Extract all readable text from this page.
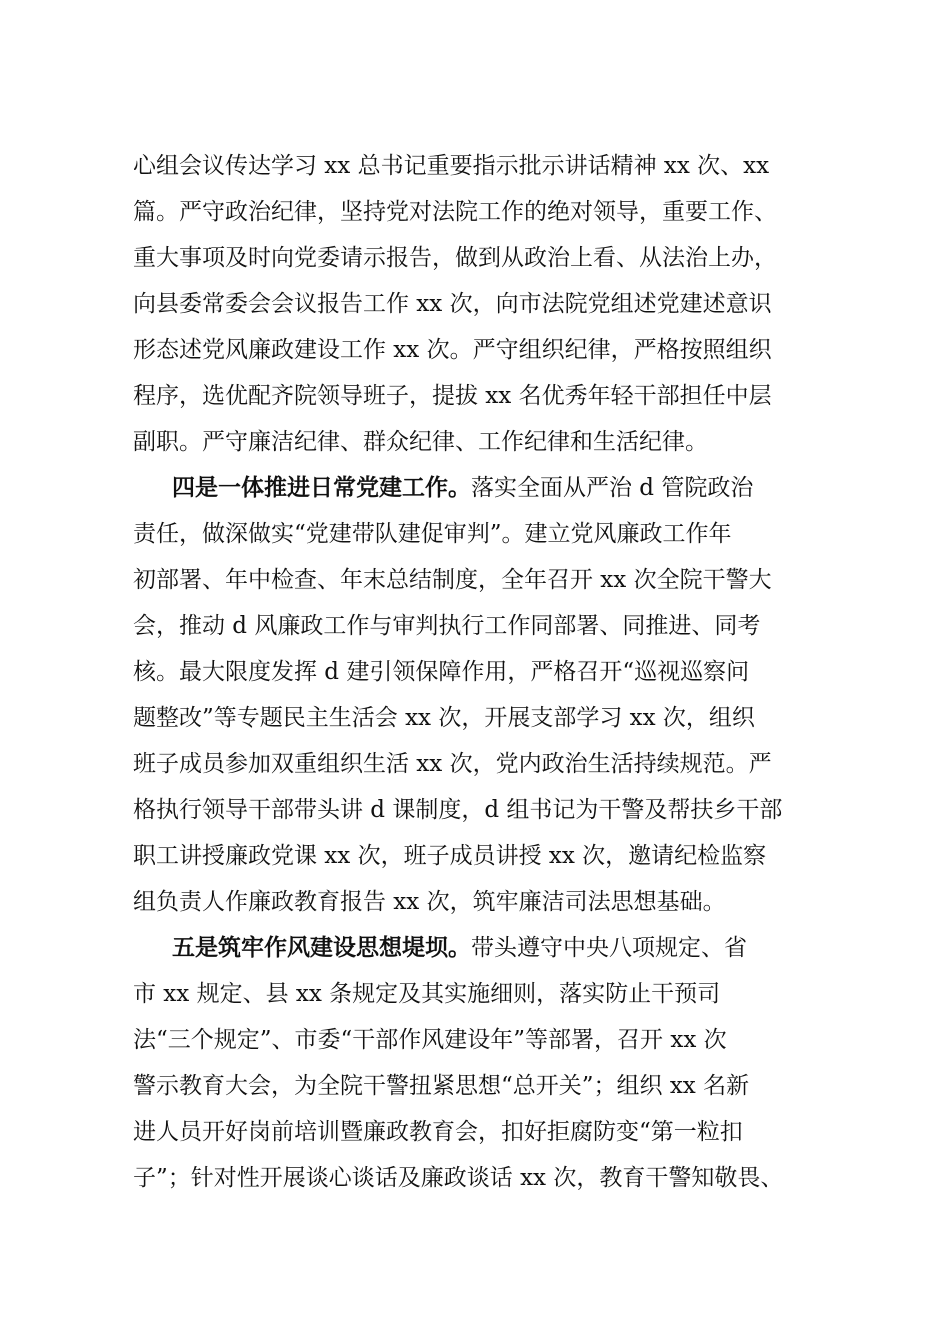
心组会议传达学习 xx 总书记重要指示批示讲话精神 xx 次、xx
篇。严守政治纪律，坚持党对法院工作的绝对领导，重要工作、
重大事项及时向党委请示报告，做到从政治上看、从法治上办，
向县委常委会会议报告工作 xx 次，向市法院党组述党建述意识
形态述党风廉政建设工作 xx 次。严守组织纪律，严格按照组织
程序，选优配齐院领导班子，提拔 xx 名优秀年轻干部担任中层
副职。严守廉洁纪律、群众纪律、工作纪律和生活纪律。
四是一体推进日常党建工作。落实全面从严治 d 管院政治
责任，做深做实“党建带队建促审判”。建立党风廉政工作年
初部署、年中检查、年末总结制度，全年召开 xx 次全院干警大
会，推动 d 风廉政工作与审判执行工作同部署、同推进、同考
核。最大限度发挥 d 建引领保障作用，严格召开“巡视巡察问
题整改”等专题民主生活会 xx 次，开展支部学习 xx 次，组织
班子成员参加双重组织生活 xx 次，党内政治生活持续规范。严
格执行领导干部带头讲 d 课制度，d 组书记为干警及帮扶乡干部
职工讲授廉政党课 xx 次，班子成员讲授 xx 次，邀请纪检监察
组负责人作廉政教育报告 xx 次，筑牢廉洁司法思想基础。
五是筑牢作风建设思想堤坝。带头遵守中央八项规定、省
市 xx 规定、县 xx 条规定及其实施细则，落实防止干预司
法“三个规定”、市委“干部作风建设年”等部署，召开 xx 次
警示教育大会，为全院干警扭紧思想“总开关”；组织 xx 名新
进人员开好岗前培训暨廉政教育会，扣好拒腐防变“第一粒扣
子”；针对性开展谈心谈话及廉政谈话 xx 次，教育干警知敬畏、
